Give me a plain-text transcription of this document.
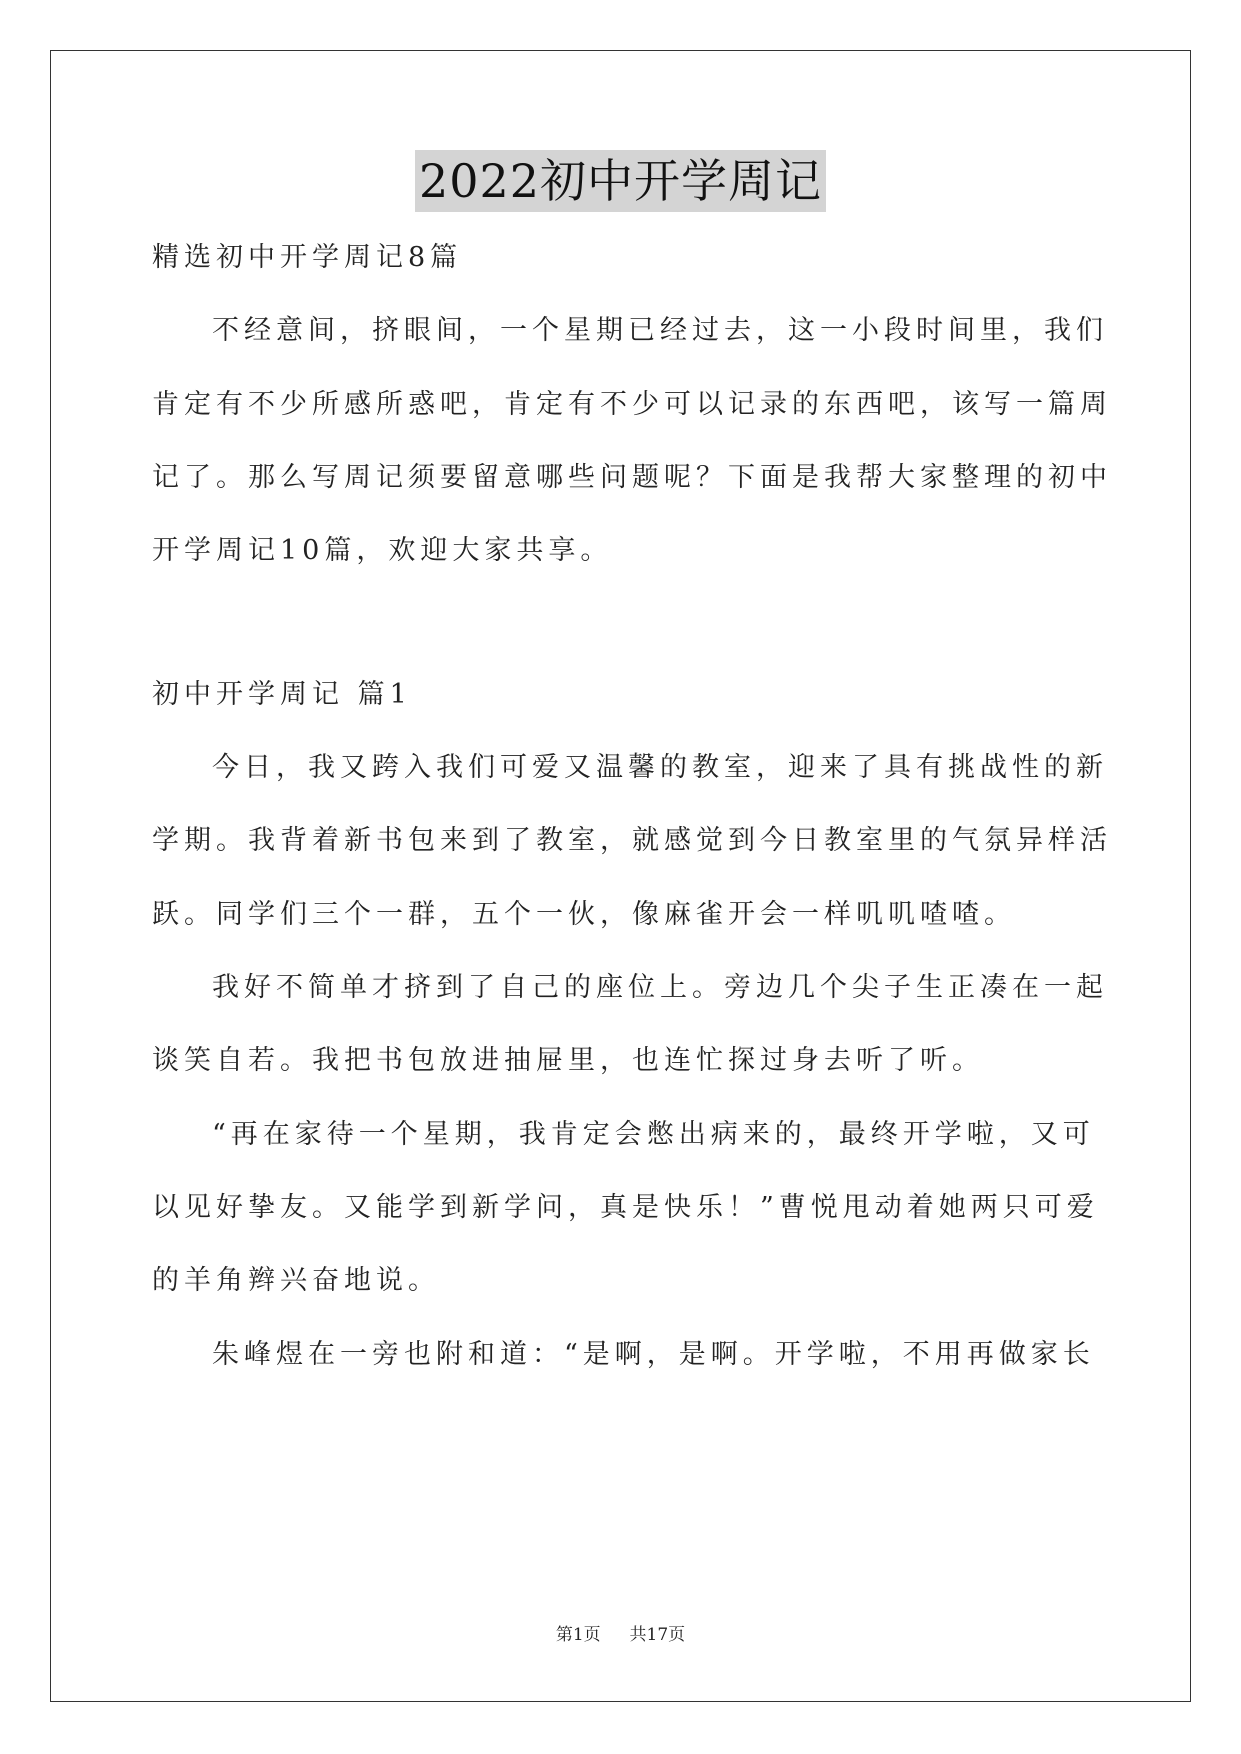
2022初中开学周记
精选初中开学周记8篇
不经意间，挤眼间，一个星期已经过去，这一小段时间里，我们
肯定有不少所感所惑吧，肯定有不少可以记录的东西吧，该写一篇周
记了。那么写周记须要留意哪些问题呢？下面是我帮大家整理的初中
开学周记10篇，欢迎大家共享。
初中开学周记 篇1
今日，我又跨入我们可爱又温馨的教室，迎来了具有挑战性的新
学期。我背着新书包来到了教室，就感觉到今日教室里的气氛异样活
跃。同学们三个一群，五个一伙，像麻雀开会一样叽叽喳喳。
我好不简单才挤到了自己的座位上。旁边几个尖子生正凑在一起
谈笑自若。我把书包放进抽屉里，也连忙探过身去听了听。
“再在家待一个星期，我肯定会憋出病来的，最终开学啦，又可
以见好挚友。又能学到新学问，真是快乐！”曹悦甩动着她两只可爱
的羊角辫兴奋地说。
朱峰煜在一旁也附和道：“是啊，是啊。开学啦，不用再做家长
第1页 共17页
